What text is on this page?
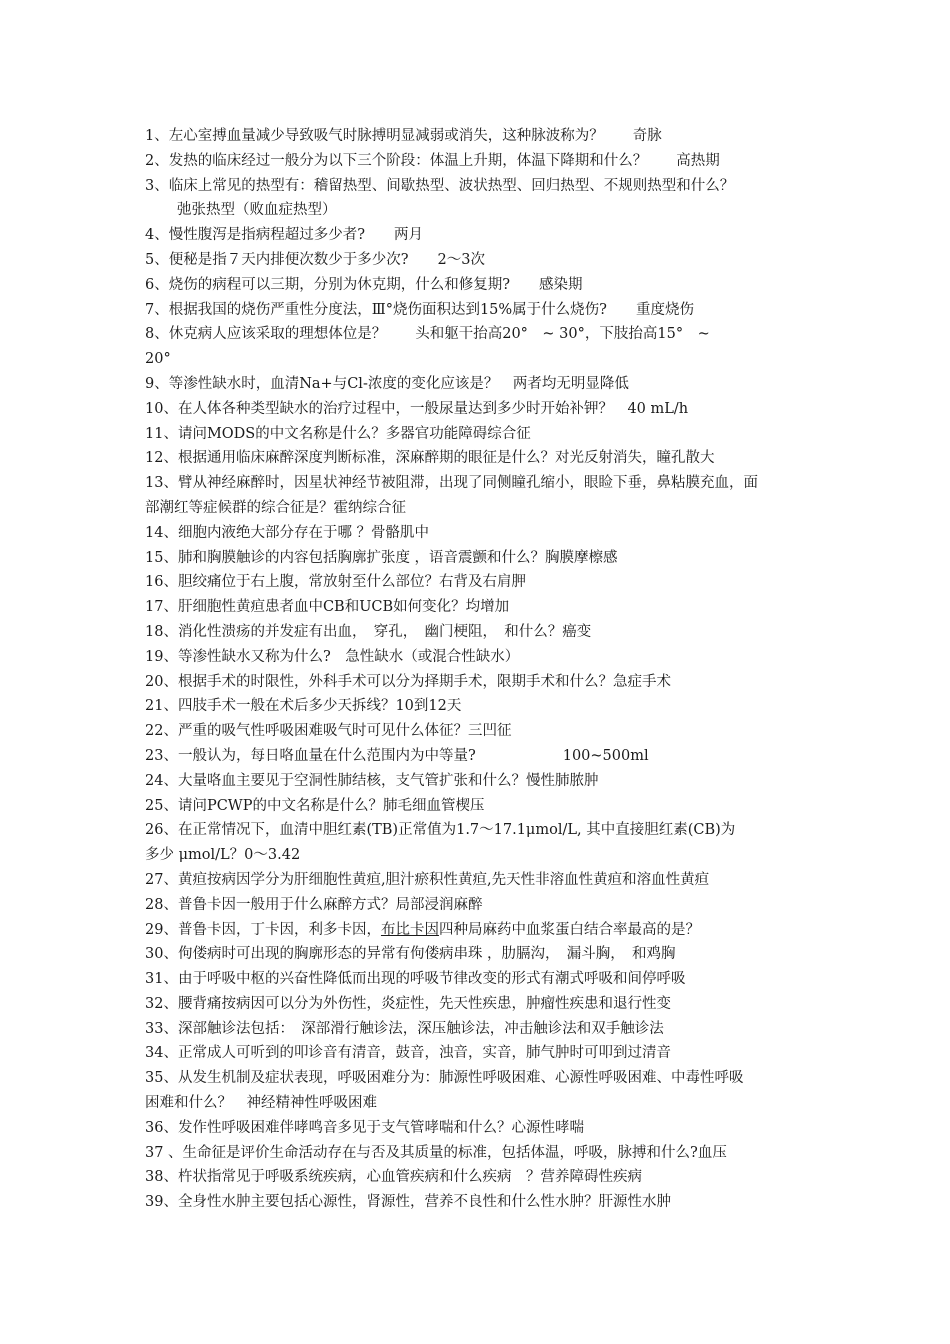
1、左心室搏血量减少导致吸气时脉搏明显减弱或消失，这种脉波称为？　　奇脉
2、发热的临床经过一般分为以下三个阶段：体温上升期，体温下降期和什么？　　高热期
3、临床上常见的热型有：稽留热型、间歇热型、波状热型、回归热型、不规则热型和什么？
弛张热型（败血症热型）
4、慢性腹泻是指病程超过多少者?　　两月
5、便秘是指７天内排便次数少于多少次?　　2～3次
6、烧伤的病程可以三期，分别为休克期，什么和修复期?　　感染期
7、根据我国的烧伤严重性分度法，Ⅲ°烧伤面积达到15%属于什么烧伤?　　重度烧伤
8、休克病人应该采取的理想体位是？　　头和躯干抬高20°　~ 30°，下肢抬高15°　~
20°
9、等渗性缺水时，血清Na+与Cl-浓度的变化应该是？　两者均无明显降低
10、在人体各种类型缺水的治疗过程中，一般尿量达到多少时开始补钾？　40 mL/h
11、请问MODS的中文名称是什么？多器官功能障碍综合征
12、根据通用临床麻醉深度判断标准，深麻醉期的眼征是什么？对光反射消失，瞳孔散大
13、臂从神经麻醉时，因星状神经节被阻滞，出现了同侧瞳孔缩小，眼睑下垂，鼻粘膜充血，面
部潮红等症候群的综合征是？霍纳综合征
14、细胞内液绝大部分存在于哪 ？骨骼肌中
15、肺和胸膜触诊的内容包括胸廓扩张度 ，语音震颤和什么？胸膜摩檫感
16、胆绞痛位于右上腹，常放射至什么部位？右背及右肩胛
17、肝细胞性黄疸患者血中CB和UCB如何变化？均增加
18、消化性溃疡的并发症有出血，　穿孔，　幽门梗阻，　和什么？癌变
19、等渗性缺水又称为什么?　急性缺水（或混合性缺水）
20、根据手术的时限性，外科手术可以分为择期手术，限期手术和什么？急症手术
21、四肢手术一般在术后多少天拆线？10到12天
22、严重的吸气性呼吸困难吸气时可见什么体征？三凹征
23、一般认为，每日咯血量在什么范围内为中等量?　　　　　　100~500ml
24、大量咯血主要见于空洞性肺结核，支气管扩张和什么？慢性肺脓肿
25、请问PCWP的中文名称是什么？肺毛细血管楔压
26、在正常情况下，血清中胆红素(TB)正常值为1.7～17.1μmol/L, 其中直接胆红素(CB)为
多少 μmol/L？0～3.42
27、黄疸按病因学分为肝细胞性黄疸,胆汁瘀积性黄疸,先天性非溶血性黄疸和溶血性黄疸
28、普鲁卡因一般用于什么麻醉方式？局部浸润麻醉
29、普鲁卡因，丁卡因，利多卡因，布比卡因四种局麻药中血浆蛋白结合率最高的是？
30、佝偻病时可出现的胸廓形态的异常有佝偻病串珠 ，肋膈沟，　漏斗胸，　和鸡胸
31、由于呼吸中枢的兴奋性降低而出现的呼吸节律改变的形式有潮式呼吸和间停呼吸
32、腰背痛按病因可以分为外伤性，炎症性，先天性疾患，肿瘤性疾患和退行性变
33、深部触诊法包括：　深部滑行触诊法，深压触诊法，冲击触诊法和双手触诊法
34、正常成人可听到的叩诊音有清音，鼓音，浊音，实音，肺气肿时可叩到过清音
35、从发生机制及症状表现，呼吸困难分为：肺源性呼吸困难、心源性呼吸困难、中毒性呼吸
困难和什么？　神经精神性呼吸困难
36、发作性呼吸困难伴哮鸣音多见于支气管哮喘和什么？心源性哮喘
37 、生命征是评价生命活动存在与否及其质量的标准，包括体温，呼吸，脉搏和什么?血压
38、杵状指常见于呼吸系统疾病，心血管疾病和什么疾病　？营养障碍性疾病
39、全身性水肿主要包括心源性，肾源性，营养不良性和什么性水肿？肝源性水肿
